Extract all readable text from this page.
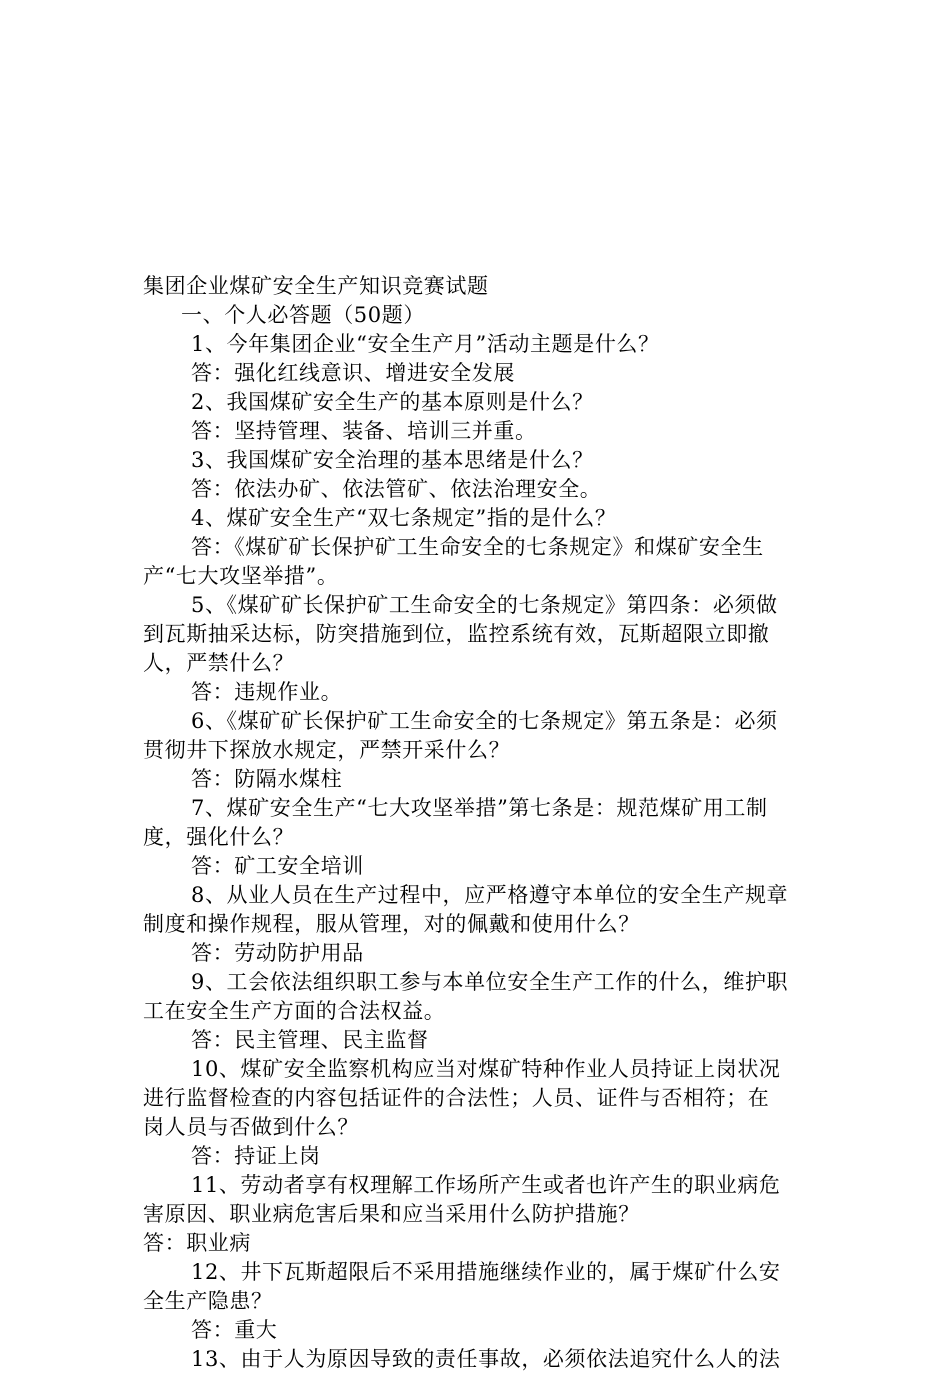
集团企业煤矿安全生产知识竞赛试题
一、个人必答题（50题）
1、今年集团企业“安全生产月”活动主题是什么？
答：强化红线意识、增进安全发展
2、我国煤矿安全生产的基本原则是什么？
答：坚持管理、装备、培训三并重。
3、我国煤矿安全治理的基本思绪是什么？
答：依法办矿、依法管矿、依法治理安全。
4、煤矿安全生产“双七条规定”指的是什么？
答：《煤矿矿长保护矿工生命安全的七条规定》和煤矿安全生
产“七大攻坚举措”。
5、《煤矿矿长保护矿工生命安全的七条规定》第四条：必须做
到瓦斯抽采达标，防突措施到位，监控系统有效，瓦斯超限立即撤
人，严禁什么？
答：违规作业。
6、《煤矿矿长保护矿工生命安全的七条规定》第五条是：必须
贯彻井下探放水规定，严禁开采什么？
答：防隔水煤柱
7、煤矿安全生产“七大攻坚举措”第七条是：规范煤矿用工制
度，强化什么？
答：矿工安全培训
8、从业人员在生产过程中，应严格遵守本单位的安全生产规章
制度和操作规程，服从管理，对的佩戴和使用什么？
答：劳动防护用品
9、工会依法组织职工参与本单位安全生产工作的什么，维护职
工在安全生产方面的合法权益。
答：民主管理、民主监督
10、煤矿安全监察机构应当对煤矿特种作业人员持证上岗状况
进行监督检查的内容包括证件的合法性；人员、证件与否相符；在
岗人员与否做到什么？
答：持证上岗
11、劳动者享有权理解工作场所产生或者也许产生的职业病危
害原因、职业病危害后果和应当采用什么防护措施？
答：职业病
12、井下瓦斯超限后不采用措施继续作业的，属于煤矿什么安
全生产隐患？
答：重大
13、由于人为原因导致的责任事故，必须依法追究什么人的法
